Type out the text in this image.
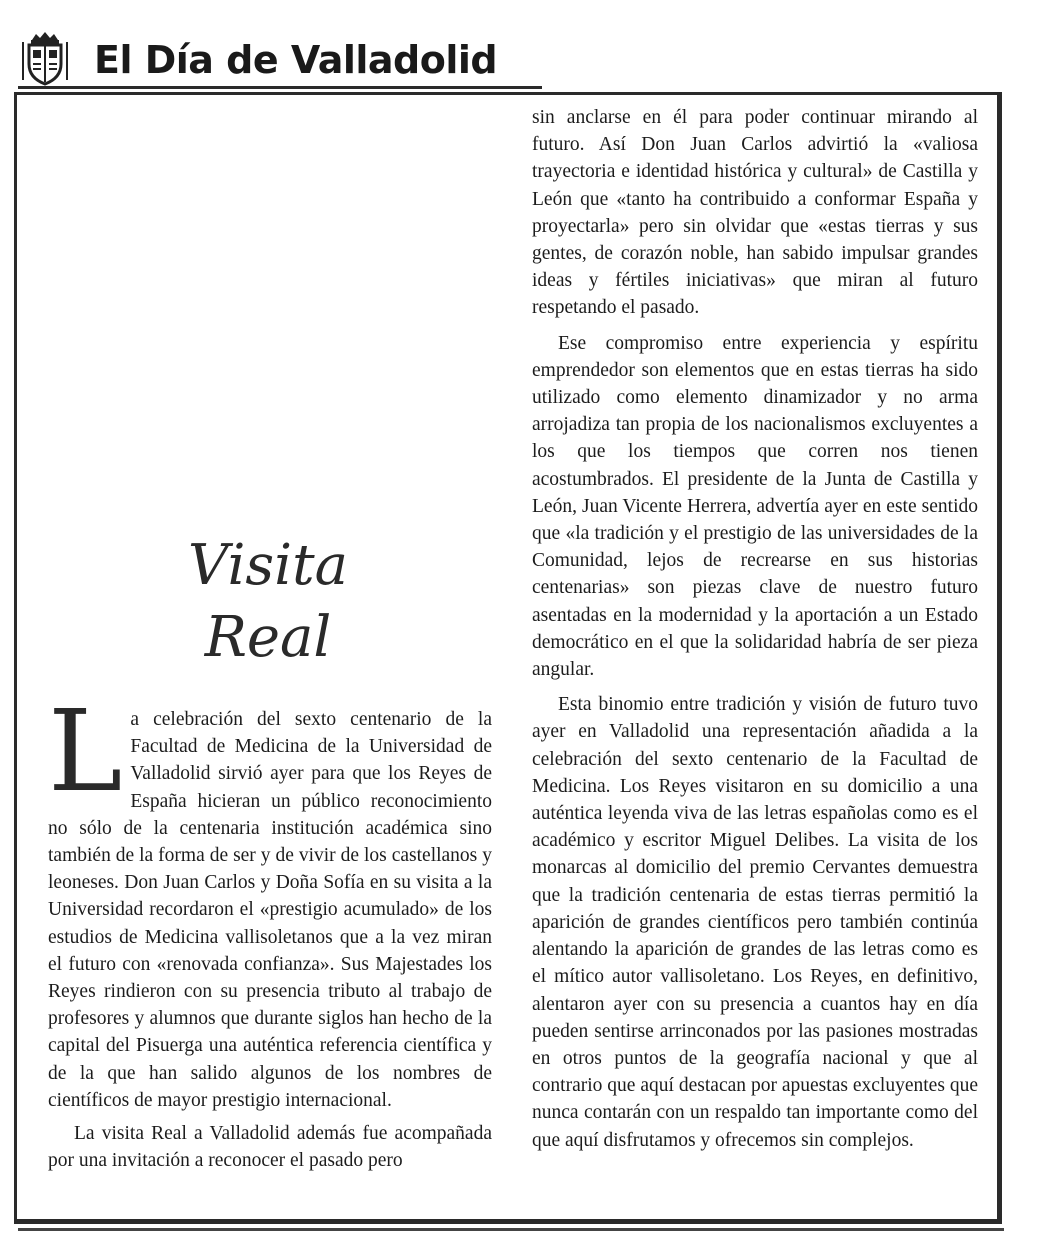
El Día de Valladolid
Visita
Real

La celebración del sexto centenario de la Facultad de Medicina de la Universidad de Valladolid sirvió ayer para que los Reyes de España hicieran un público reconocimiento no sólo de la centenaria institución académica sino también de la forma de ser y de vivir de los castellanos y leoneses. Don Juan Carlos y Doña Sofía en su visita a la Universidad recordaron el «prestigio acumulado» de los estudios de Medicina vallisoletanos que a la vez miran el futuro con «renovada confianza». Sus Majestades los Reyes rindieron con su presencia tributo al trabajo de profesores y alumnos que durante siglos han hecho de la capital del Pisuerga una auténtica referencia científica y de la que han salido algunos de los nombres de científicos de mayor prestigio internacional.

La visita Real a Valladolid además fue acompañada por una invitación a reconocer el pasado pero

sin anclarse en él para poder continuar mirando al futuro. Así Don Juan Carlos advirtió la «valiosa trayectoria e identidad histórica y cultural» de Castilla y León que «tanto ha contribuido a conformar España y proyectarla» pero sin olvidar que «estas tierras y sus gentes, de corazón noble, han sabido impulsar grandes ideas y fértiles iniciativas» que miran al futuro respetando el pasado.

Ese compromiso entre experiencia y espíritu emprendedor son elementos que en estas tierras ha sido utilizado como elemento dinamizador y no arma arrojadiza tan propia de los nacionalismos excluyentes a los que los tiempos que corren nos tienen acostumbrados. El presidente de la Junta de Castilla y León, Juan Vicente Herrera, advertía ayer en este sentido que «la tradición y el prestigio de las universidades de la Comunidad, lejos de recrearse en sus historias centenarias» son piezas clave de nuestro futuro asentadas en la modernidad y la aportación a un Estado democrático en el que la solidaridad habría de ser pieza angular.

Esta binomio entre tradición y visión de futuro tuvo ayer en Valladolid una representación añadida a la celebración del sexto centenario de la Facultad de Medicina. Los Reyes visitaron en su domicilio a una auténtica leyenda viva de las letras españolas como es el académico y escritor Miguel Delibes. La visita de los monarcas al domicilio del premio Cervantes demuestra que la tradición centenaria de estas tierras permitió la aparición de grandes científicos pero también continúa alentando la aparición de grandes de las letras como es el mítico autor vallisoletano. Los Reyes, en definitivo, alentaron ayer con su presencia a cuantos hay en día pueden sentirse arrinconados por las pasiones mostradas en otros puntos de la geografía nacional y que al contrario que aquí destacan por apuestas excluyentes que nunca contarán con un respaldo tan importante como del que aquí disfrutamos y ofrecemos sin complejos.
